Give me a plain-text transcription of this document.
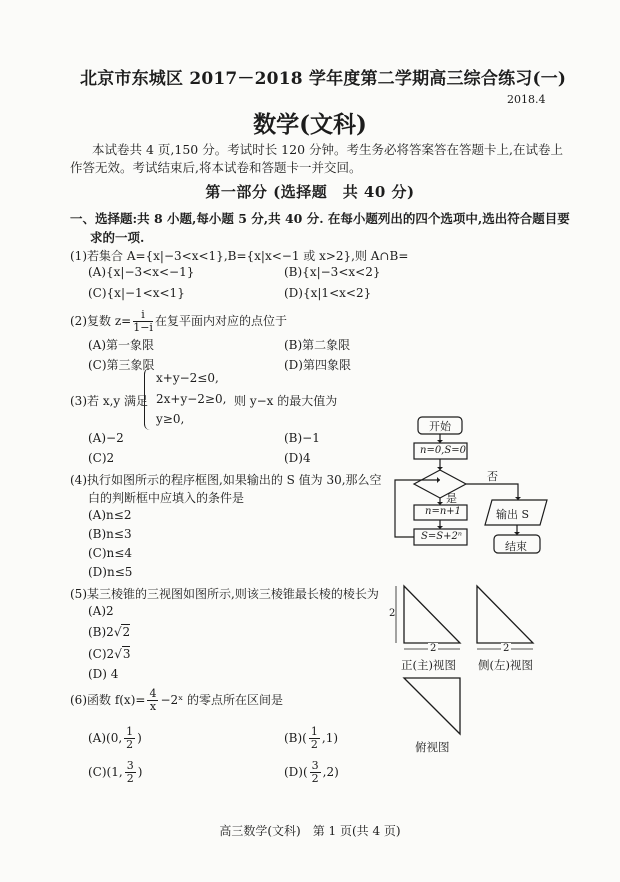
北京市东城区 2017－2018 学年度第二学期高三综合练习(一)
2018.4
数学(文科)
本试卷共 4 页,150 分。考试时长 120 分钟。考生务必将答案答在答题卡上,在试卷上
作答无效。考试结束后,将本试卷和答题卡一并交回。
第一部分 (选择题　共 40 分)
一、选择题:共 8 小题,每小题 5 分,共 40 分. 在每小题列出的四个选项中,选出符合题目要
求的一项.
(1)若集合 A={x|−3<x<1},B={x|x<−1 或 x>2},则 A∩B=
(A){x|−3<x<−1}	(B){x|−3<x<2}
(C){x|−1<x<1}	(D){x|1<x<2}
(2)复数 $z= \frac{i}{1-i}$ 在复平面内对应的点位于
(A)第一象限	(B)第二象限
(C)第三象限	(D)第四象限
(3)若 x,y 满足
x+y−2≤0,
2x+y−2≥0,
y≥0,
则 y−x 的最大值为
(A)−2	(B)−1
(C)2	(D)4
(4)执行如图所示的程序框图,如果输出的 S 值为 30,那么空
白的判断框中应填入的条件是
(A)n≤2
(B)n≤3
(C)n≤4
(D)n≤5
开始
n=0,S=0
否
是
n=n+1
S=S+2ⁿ
输出 S
结束
(5)某三棱锥的三视图如图所示,则该三棱锥最长棱的棱长为
(A)2
(B)2√2
(C)2√3
(D) 4
2
2	2
正(主)视图 侧(左)视图
俯视图
(6)函数 $f(x)= \frac{4}{x}$ −2ˣ 的零点所在区间是
(A)(0, $\frac{1}{2}$ )	$(B)( \frac{1}{2} ,1)$
(C)(1, $\frac{3}{2}$ )	$(D)( \frac{3}{2} ,2)$
高三数学(文科)　第 1 页(共 4 页)
